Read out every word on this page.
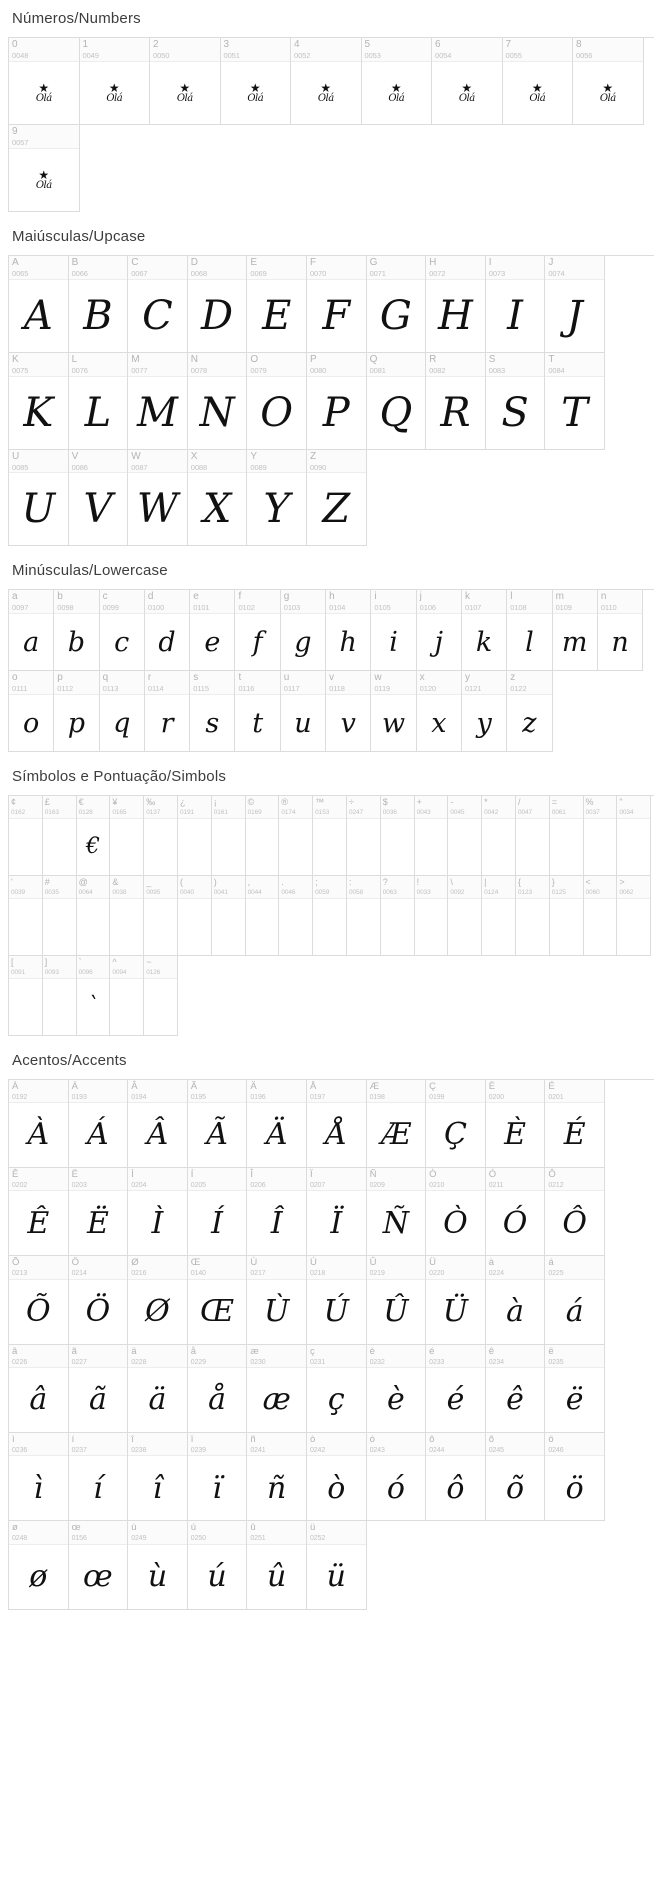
Números/Numbers
0
0048
★
Olá
1
0049
★
Olá
2
0050
★
Olá
3
0051
★
Olá
4
0052
★
Olá
5
0053
★
Olá
6
0054
★
Olá
7
0055
★
Olá
8
0056
★
Olá
9
0057
★
Olá
Maiúsculas/Upcase
A
0065
A
B
0066
B
C
0067
C
D
0068
D
E
0069
E
F
0070
F
G
0071
G
H
0072
H
I
0073
I
J
0074
J
K
0075
K
L
0076
L
M
0077
M
N
0078
N
O
0079
O
P
0080
P
Q
0081
Q
R
0082
R
S
0083
S
T
0084
T
U
0085
U
V
0086
V
W
0087
W
X
0088
X
Y
0089
Y
Z
0090
Z
Minúsculas/Lowercase
a
0097
a
b
0098
b
c
0099
c
d
0100
d
e
0101
e
f
0102
f
g
0103
g
h
0104
h
i
0105
i
j
0106
j
k
0107
k
l
0108
l
m
0109
m
n
0110
n
o
0111
o
p
0112
p
q
0113
q
r
0114
r
s
0115
s
t
0116
t
u
0117
u
v
0118
v
w
0119
w
x
0120
x
y
0121
y
z
0122
z
Símbolos e Pontuação/Simbols
¢
0162
£
0163
€
0128
€
¥
0165
‰
0137
¿
0191
¡
0161
©
0169
®
0174
™
0153
÷
0247
$
0036
+
0043
-
0045
*
0042
/
0047
=
0061
%
0037
"
0034
'
0039
#
0035
@
0064
&
0038
_
0095
(
0040
)
0041
,
0044
.
0046
;
0059
:
0058
?
0063
!
0033
\
0092
|
0124
{
0123
}
0125
<
0060
>
0062
[
0091
]
0093
`
0096
`
^
0094
~
0126
Acentos/Accents
À
0192
À
Á
0193
Á
Â
0194
Â
Ã
0195
Ã
Ä
0196
Ä
Å
0197
Å
Æ
0198
Æ
Ç
0199
Ç
È
0200
È
É
0201
É
Ê
0202
Ê
Ë
0203
Ë
Ì
0204
Ì
Í
0205
Í
Î
0206
Î
Ï
0207
Ï
Ñ
0209
Ñ
Ò
0210
Ò
Ó
0211
Ó
Ô
0212
Ô
Õ
0213
Õ
Ö
0214
Ö
Ø
0216
Ø
Œ
0140
Œ
Ù
0217
Ù
Ú
0218
Ú
Û
0219
Û
Ü
0220
Ü
à
0224
à
á
0225
á
â
0226
â
ã
0227
ã
ä
0228
ä
å
0229
å
æ
0230
æ
ç
0231
ç
è
0232
è
é
0233
é
ê
0234
ê
ë
0235
ë
ì
0236
ì
í
0237
í
î
0238
î
ï
0239
ï
ñ
0241
ñ
ò
0242
ò
ó
0243
ó
ô
0244
ô
õ
0245
õ
ö
0246
ö
ø
0248
ø
œ
0156
œ
ù
0249
ù
ú
0250
ú
û
0251
û
ü
0252
ü
